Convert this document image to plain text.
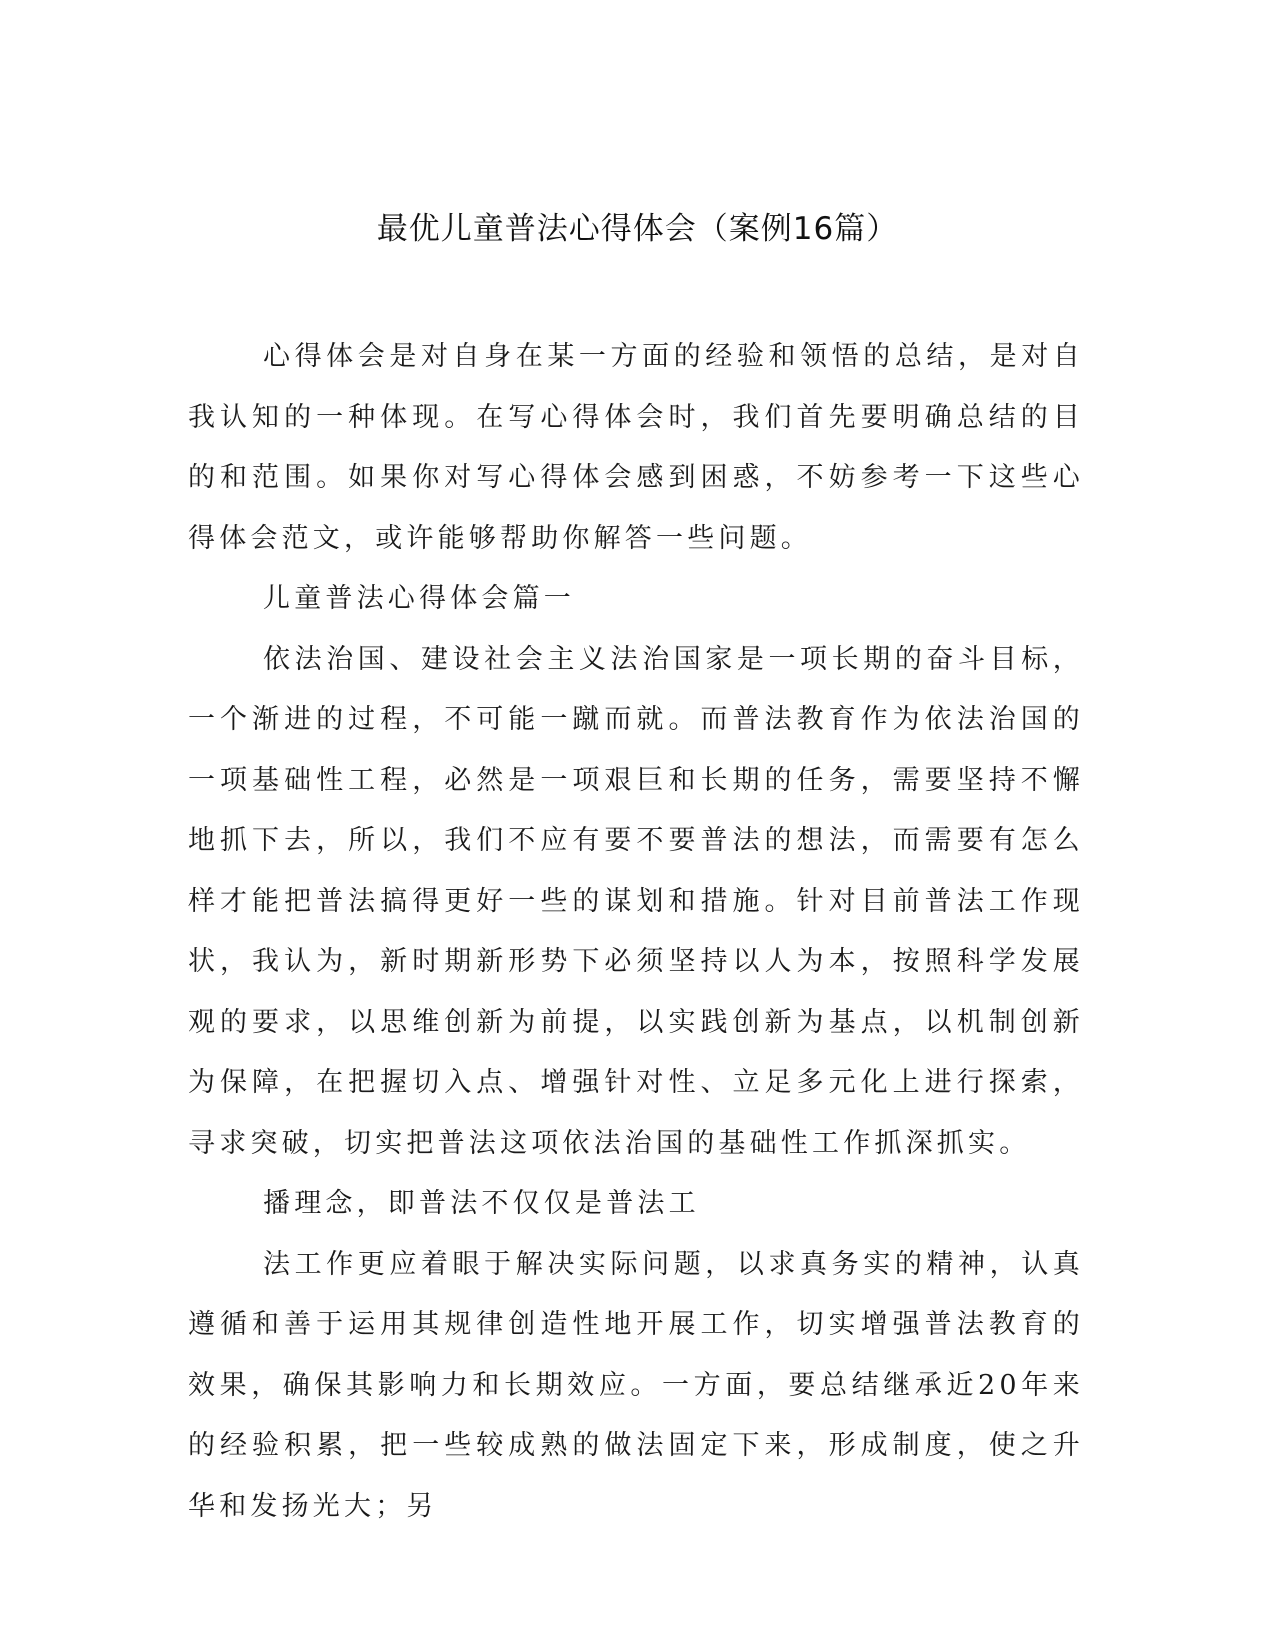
最优儿童普法心得体会（案例16篇）

心得体会是对自身在某一方面的经验和领悟的总结，是对自我认知的一种体现。在写心得体会时，我们首先要明确总结的目的和范围。如果你对写心得体会感到困惑，不妨参考一下这些心得体会范文，或许能够帮助你解答一些问题。

儿童普法心得体会篇一

依法治国、建设社会主义法治国家是一项长期的奋斗目标，一个渐进的过程，不可能一蹴而就。而普法教育作为依法治国的一项基础性工程，必然是一项艰巨和长期的任务，需要坚持不懈地抓下去，所以，我们不应有要不要普法的想法，而需要有怎么样才能把普法搞得更好一些的谋划和措施。针对目前普法工作现状，我认为，新时期新形势下必须坚持以人为本，按照科学发展观的要求，以思维创新为前提，以实践创新为基点，以机制创新为保障，在把握切入点、增强针对性、立足多元化上进行探索，寻求突破，切实把普法这项依法治国的基础性工作抓深抓实。

播理念，即普法不仅仅是普法工

法工作更应着眼于解决实际问题，以求真务实的精神，认真遵循和善于运用其规律创造性地开展工作，切实增强普法教育的效果，确保其影响力和长期效应。一方面，要总结继承近20年来的经验积累，把一些较成熟的做法固定下来，形成制度，使之升华和发扬光大；另
